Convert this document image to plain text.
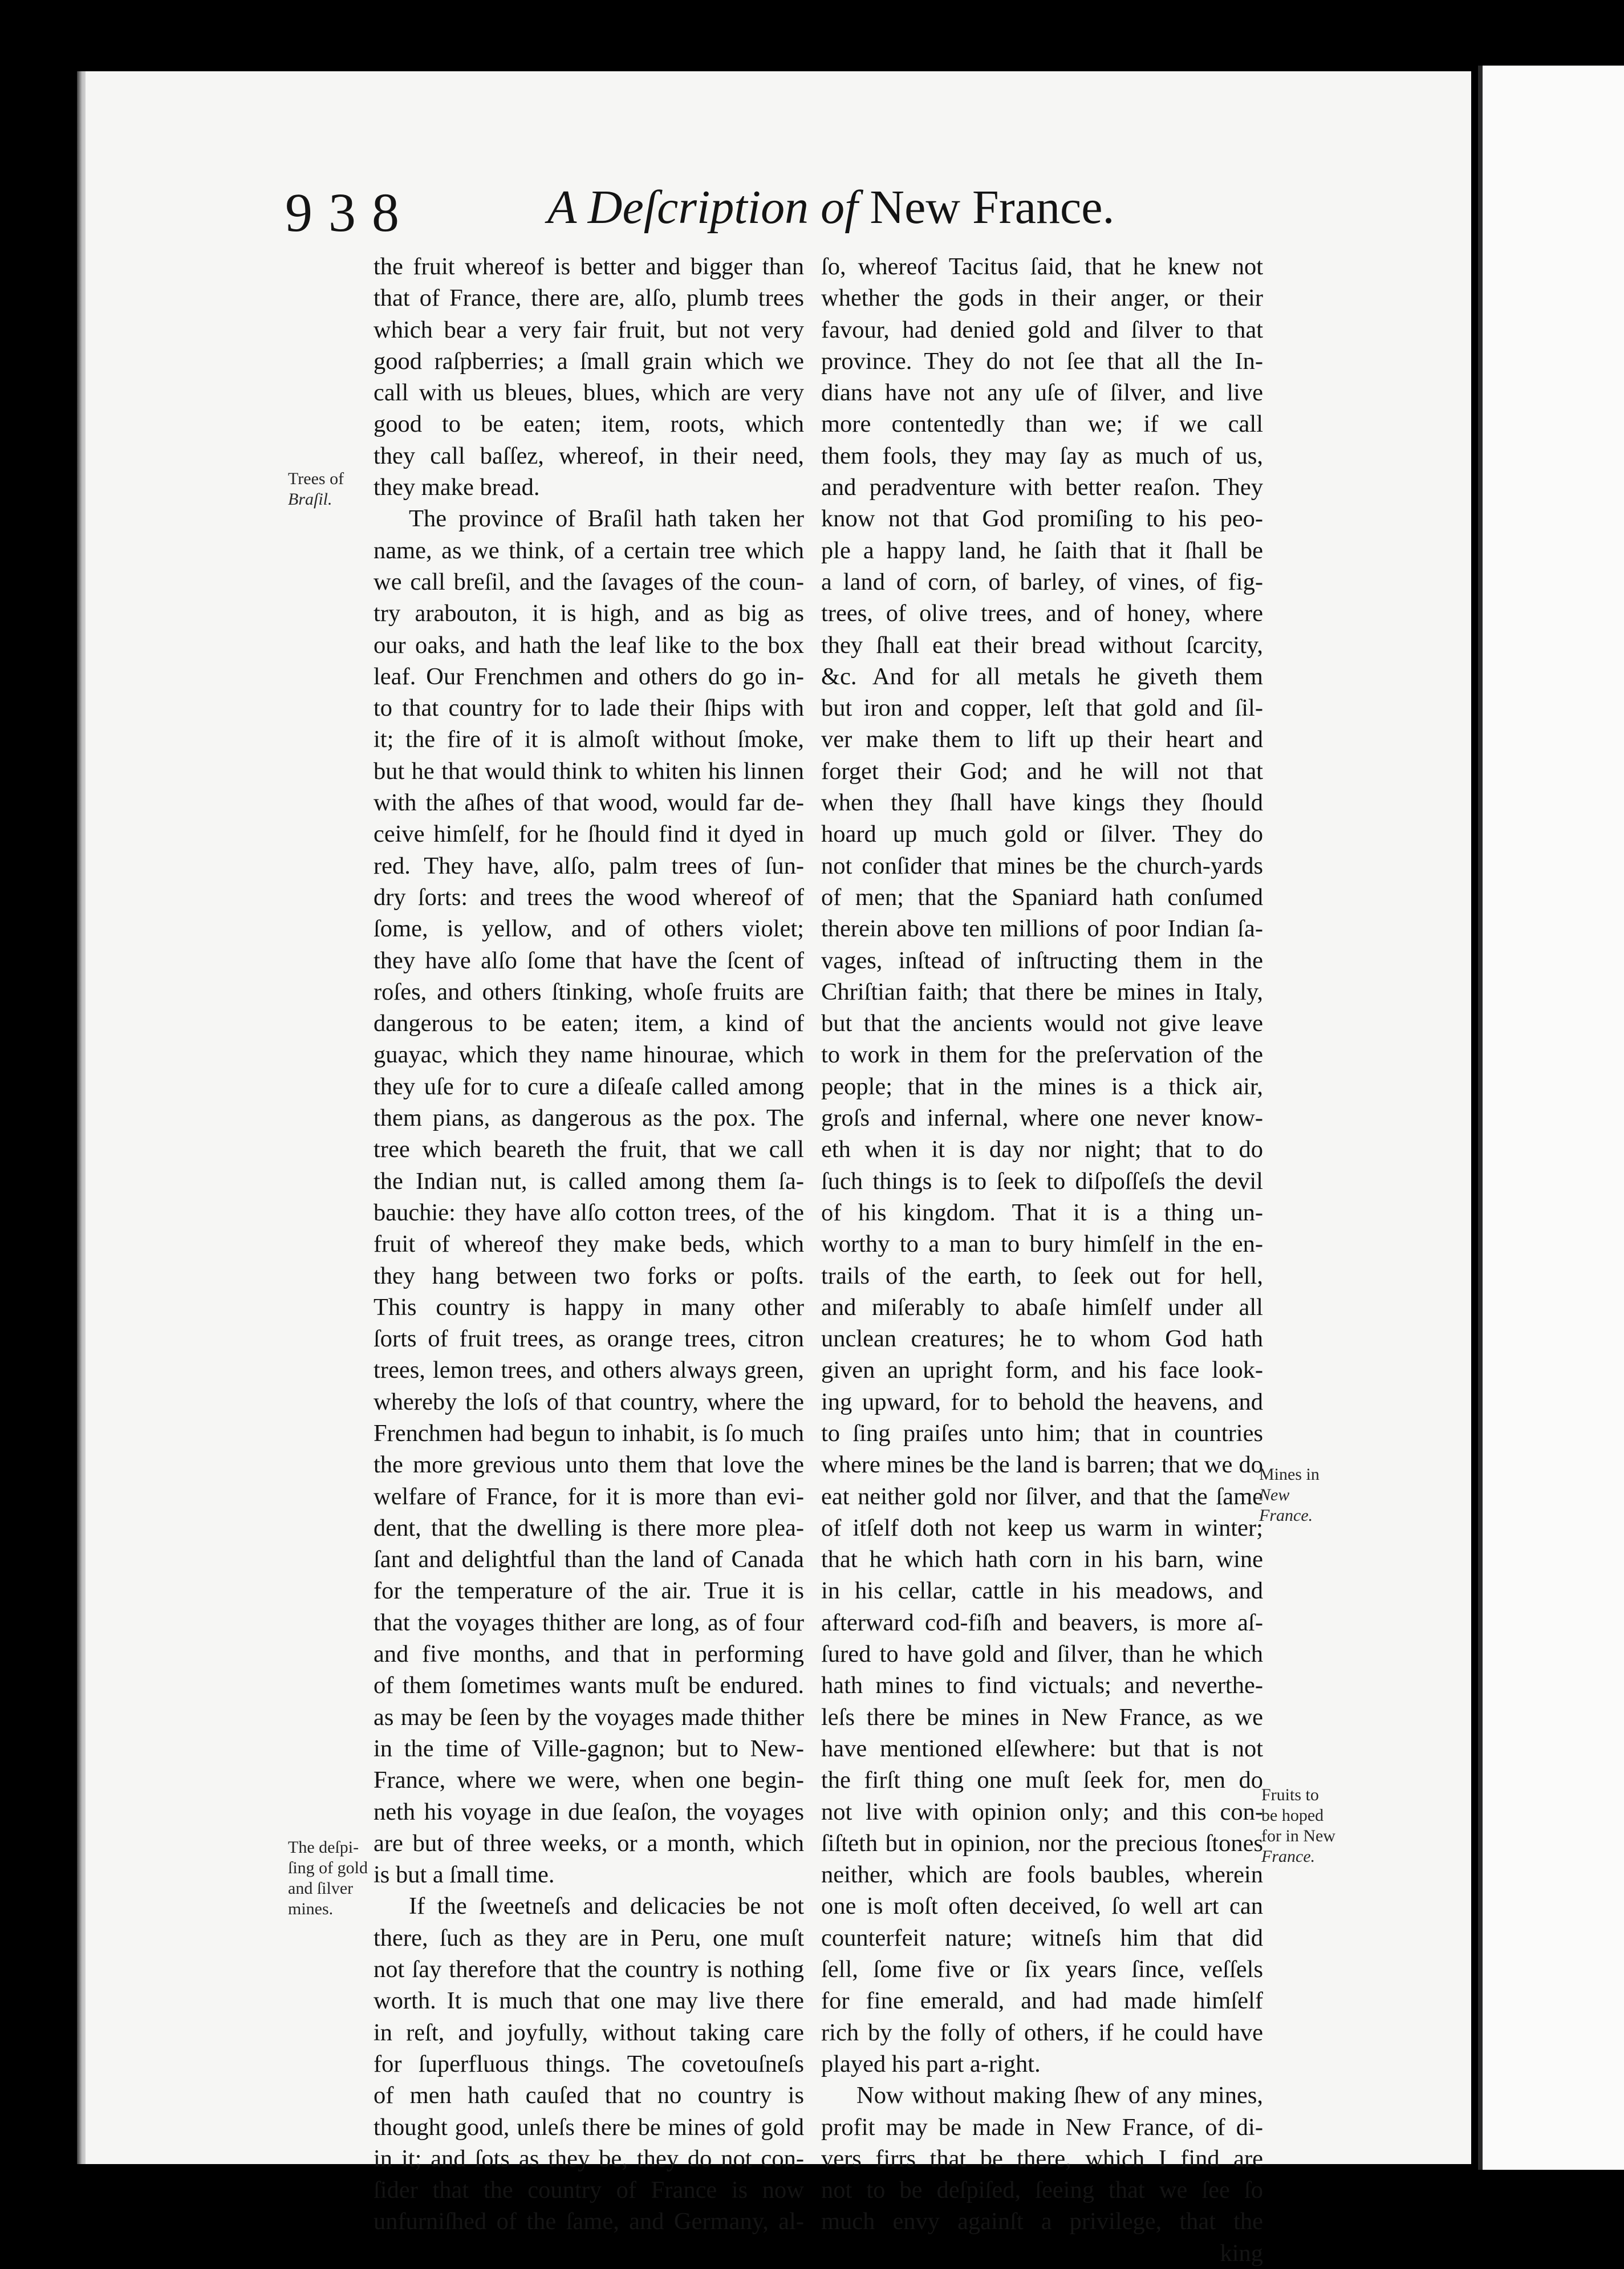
9 3 8	A Deſcription of New France.
the fruit whereof is better and bigger than
that of France, there are, alſo, plumb trees
which bear a very fair fruit, but not very
good raſpberries; a ſmall grain which we
call with us bleues, blues, which are very
good to be eaten; item, roots, which
they call baſſez, whereof, in their need,
they make bread.
The province of Braſil hath taken her
name, as we think, of a certain tree which
we call breſil, and the ſavages of the coun-
try arabouton, it is high, and as big as
our oaks, and hath the leaf like to the box
leaf. Our Frenchmen and others do go in-
to that country for to lade their ſhips with
it; the fire of it is almoſt without ſmoke,
but he that would think to whiten his linnen
with the aſhes of that wood, would far de-
ceive himſelf, for he ſhould find it dyed in
red. They have, alſo, palm trees of ſun-
dry ſorts: and trees the wood whereof of
ſome, is yellow, and of others violet;
they have alſo ſome that have the ſcent of
roſes, and others ſtinking, whoſe fruits are
dangerous to be eaten; item, a kind of
guayac, which they name hinourae, which
they uſe for to cure a diſeaſe called among
them pians, as dangerous as the pox. The
tree which beareth the fruit, that we call
the Indian nut, is called among them ſa-
bauchie: they have alſo cotton trees, of the
fruit of whereof they make beds, which
they hang between two forks or poſts.
This country is happy in many other
ſorts of fruit trees, as orange trees, citron
trees, lemon trees, and others always green,
whereby the loſs of that country, where the
Frenchmen had begun to inhabit, is ſo much
the more grevious unto them that love the
welfare of France, for it is more than evi-
dent, that the dwelling is there more plea-
ſant and delightful than the land of Canada
for the temperature of the air. True it is
that the voyages thither are long, as of four
and five months, and that in performing
of them ſometimes wants muſt be endured.
as may be ſeen by the voyages made thither
in the time of Ville-gagnon; but to New-
France, where we were, when one begin-
neth his voyage in due ſeaſon, the voyages
are but of three weeks, or a month, which
is but a ſmall time.
If the ſweetneſs and delicacies be not
there, ſuch as they are in Peru, one muſt
not ſay therefore that the country is nothing
worth. It is much that one may live there
in reſt, and joyfully, without taking care
for ſuperfluous things. The covetouſneſs
of men hath cauſed that no country is
thought good, unleſs there be mines of gold
in it; and ſots as they be, they do not con-
ſider that the country of France is now
unfurniſhed of the ſame, and Germany, al-
ſo, whereof Tacitus ſaid, that he knew not
whether the gods in their anger, or their
favour, had denied gold and ſilver to that
province. They do not ſee that all the In-
dians have not any uſe of ſilver, and live
more contentedly than we; if we call
them fools, they may ſay as much of us,
and peradventure with better reaſon. They
know not that God promiſing to his peo-
ple a happy land, he ſaith that it ſhall be
a land of corn, of barley, of vines, of fig-
trees, of olive trees, and of honey, where
they ſhall eat their bread without ſcarcity,
&c. And for all metals he giveth them
but iron and copper, leſt that gold and ſil-
ver make them to lift up their heart and
forget their God; and he will not that
when they ſhall have kings they ſhould
hoard up much gold or ſilver. They do
not conſider that mines be the church-yards
of men; that the Spaniard hath conſumed
therein above ten millions of poor Indian ſa-
vages, inſtead of inſtructing them in the
Chriſtian faith; that there be mines in Italy,
but that the ancients would not give leave
to work in them for the preſervation of the
people; that in the mines is a thick air,
groſs and infernal, where one never know-
eth when it is day nor night; that to do
ſuch things is to ſeek to diſpoſſeſs the devil
of his kingdom. That it is a thing un-
worthy to a man to bury himſelf in the en-
trails of the earth, to ſeek out for hell,
and miſerably to abaſe himſelf under all
unclean creatures; he to whom God hath
given an upright form, and his face look-
ing upward, for to behold the heavens, and
to ſing praiſes unto him; that in countries
where mines be the land is barren; that we do
eat neither gold nor ſilver, and that the ſame
of itſelf doth not keep us warm in winter;
that he which hath corn in his barn, wine
in his cellar, cattle in his meadows, and
afterward cod-fiſh and beavers, is more aſ-
ſured to have gold and ſilver, than he which
hath mines to find victuals; and neverthe-
leſs there be mines in New France, as we
have mentioned elſewhere: but that is not
the firſt thing one muſt ſeek for, men do
not live with opinion only; and this con-
ſiſteth but in opinion, nor the precious ſtones
neither, which are fools baubles, wherein
one is moſt often deceived, ſo well art can
counterfeit nature; witneſs him that did
ſell, ſome five or ſix years ſince, veſſels
for fine emerald, and had made himſelf
rich by the folly of others, if he could have
played his part a-right.
Now without making ſhew of any mines,
profit may be made in New France, of di-
vers firrs that be there, which I find are
not to be deſpiſed, ſeeing that we ſee ſo
much envy againſt a privilege, that the
king
Trees of
Braſil.
The deſpi-
ſing of gold
and ſilver
mines.
Mines in
New
France.
Fruits to
be hoped
for in New
France.
